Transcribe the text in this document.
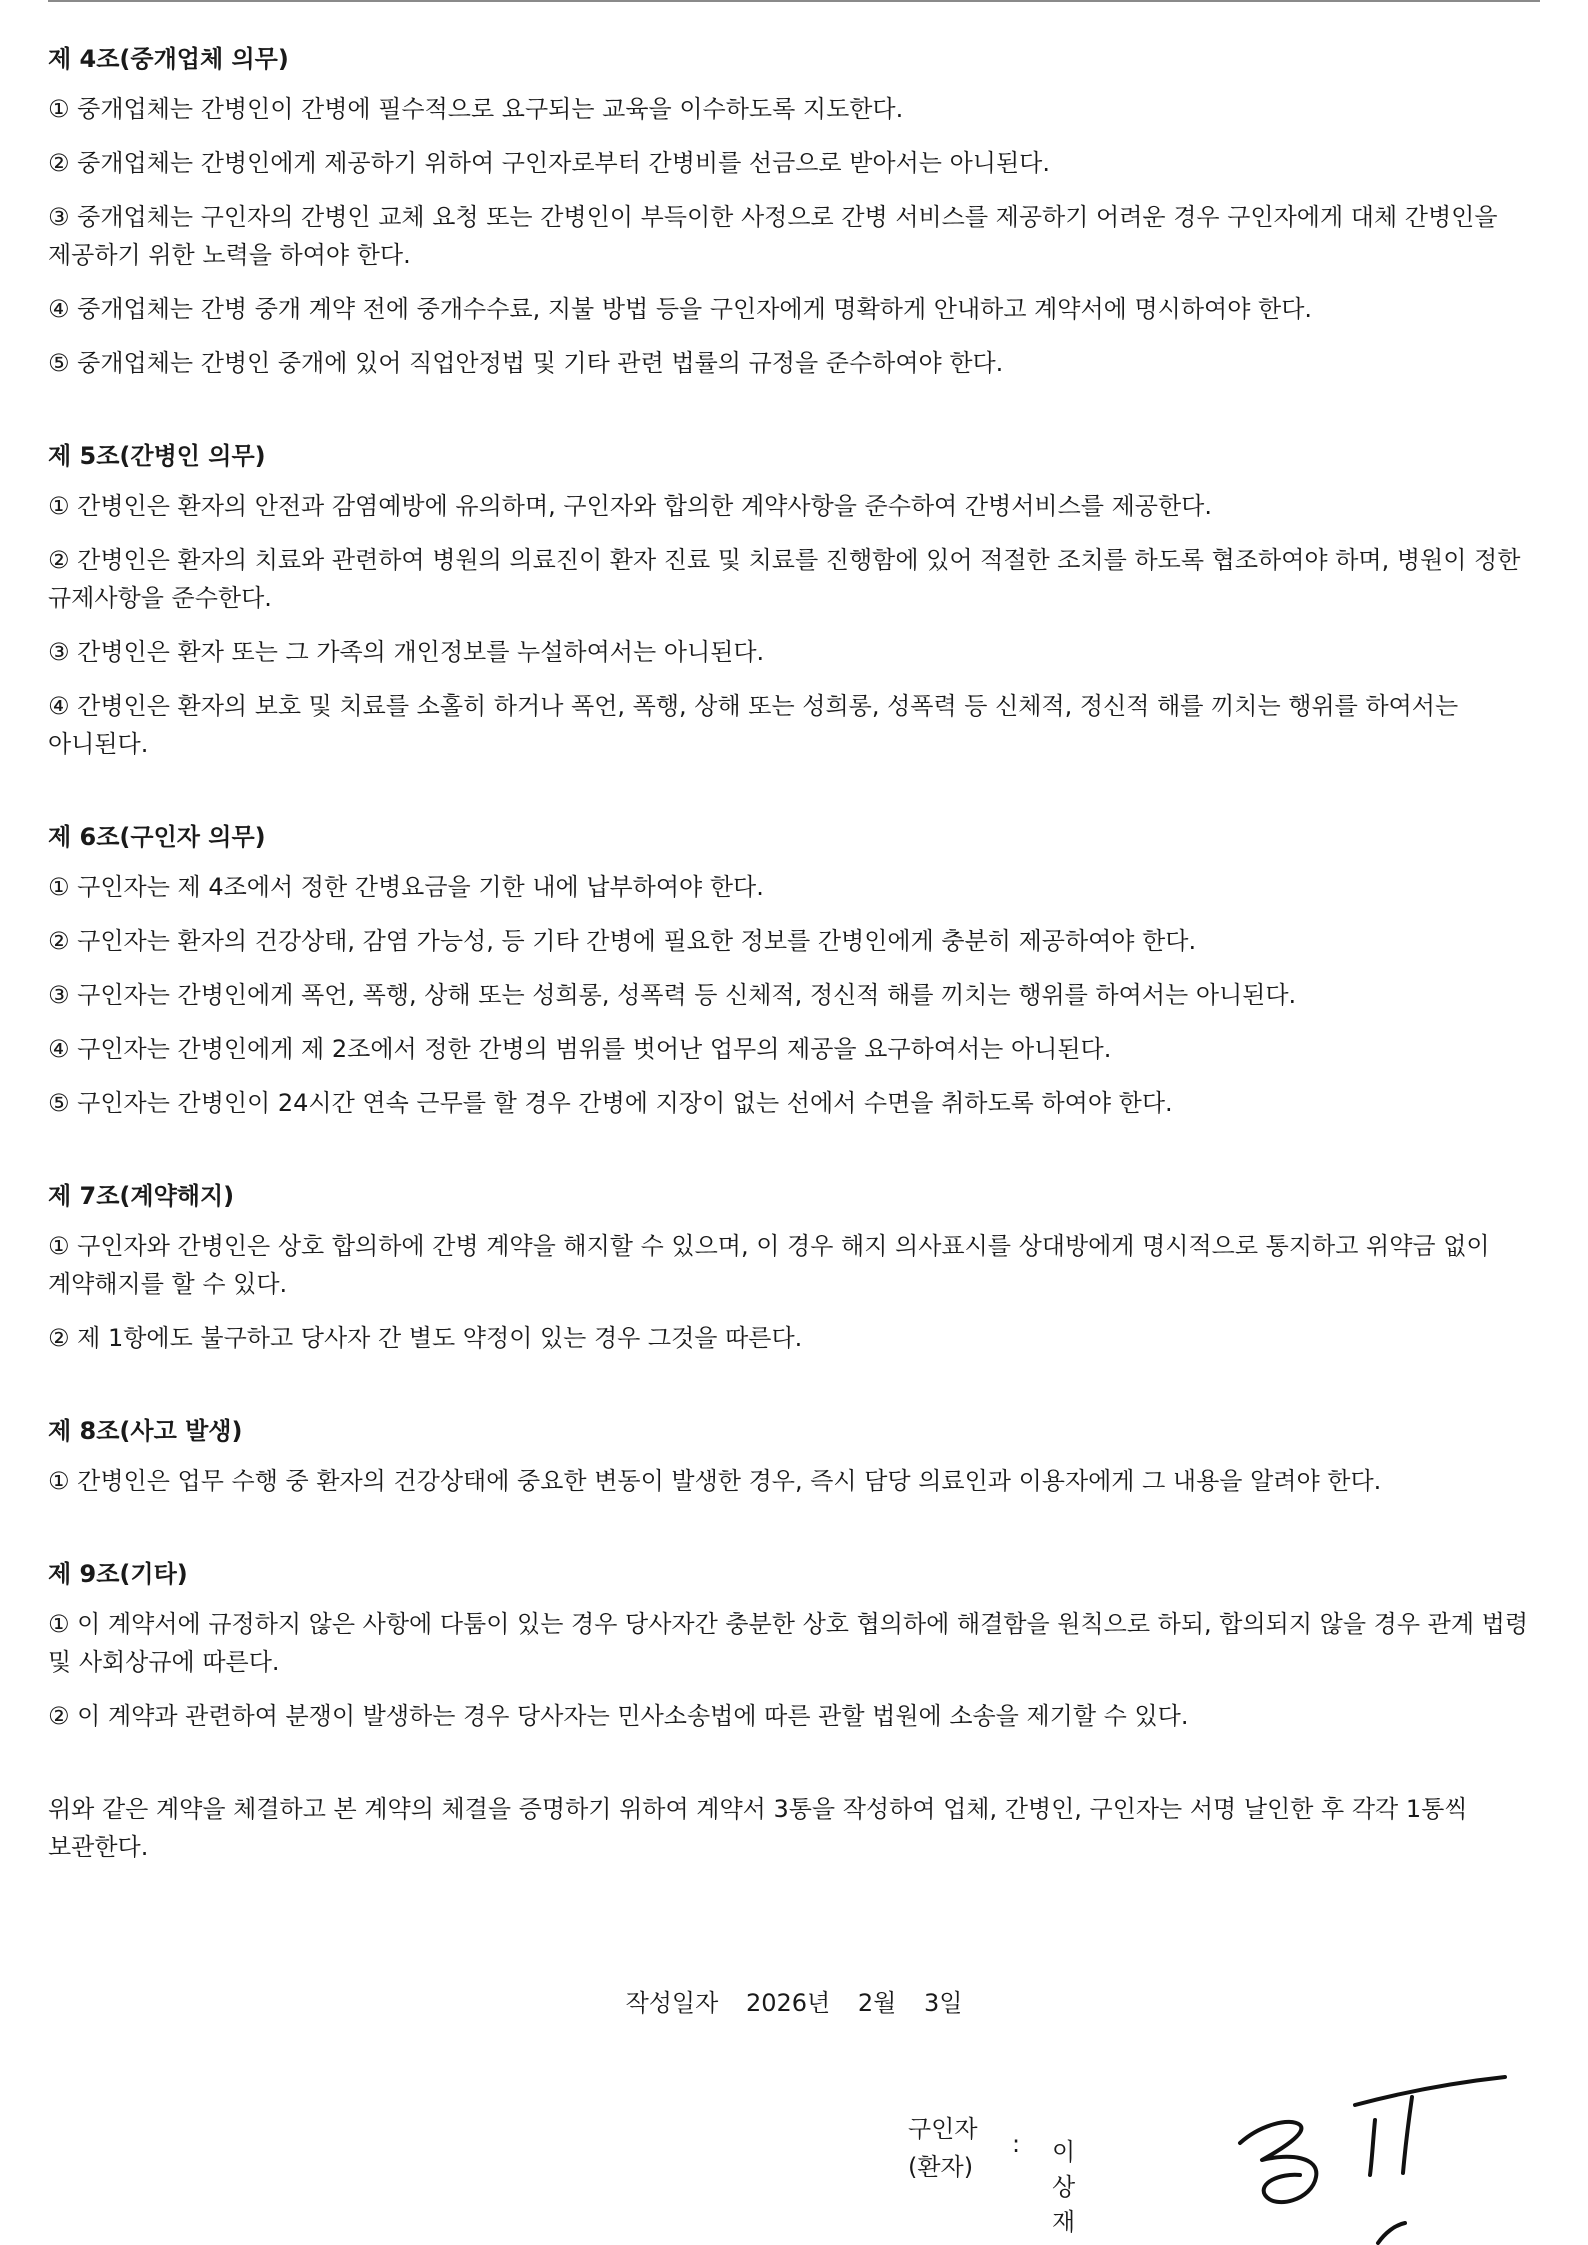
제 4조(중개업체 의무)

① 중개업체는 간병인이 간병에 필수적으로 요구되는 교육을 이수하도록 지도한다.

② 중개업체는 간병인에게 제공하기 위하여 구인자로부터 간병비를 선금으로 받아서는 아니된다.

③ 중개업체는 구인자의 간병인 교체 요청 또는 간병인이 부득이한 사정으로 간병 서비스를 제공하기 어려운 경우 구인자에게 대체 간병인을 제공하기 위한 노력을 하여야 한다.

④ 중개업체는 간병 중개 계약 전에 중개수수료, 지불 방법 등을 구인자에게 명확하게 안내하고 계약서에 명시하여야 한다.

⑤ 중개업체는 간병인 중개에 있어 직업안정법 및 기타 관련 법률의 규정을 준수하여야 한다.

제 5조(간병인 의무)

① 간병인은 환자의 안전과 감염예방에 유의하며, 구인자와 합의한 계약사항을 준수하여 간병서비스를 제공한다.

② 간병인은 환자의 치료와 관련하여 병원의 의료진이 환자 진료 및 치료를 진행함에 있어 적절한 조치를 하도록 협조하여야 하며, 병원이 정한 규제사항을 준수한다.

③ 간병인은 환자 또는 그 가족의 개인정보를 누설하여서는 아니된다.

④ 간병인은 환자의 보호 및 치료를 소홀히 하거나 폭언, 폭행, 상해 또는 성희롱, 성폭력 등 신체적, 정신적 해를 끼치는 행위를 하여서는 아니된다.

제 6조(구인자 의무)

① 구인자는 제 4조에서 정한 간병요금을 기한 내에 납부하여야 한다.

② 구인자는 환자의 건강상태, 감염 가능성, 등 기타 간병에 필요한 정보를 간병인에게 충분히 제공하여야 한다.

③ 구인자는 간병인에게 폭언, 폭행, 상해 또는 성희롱, 성폭력 등 신체적, 정신적 해를 끼치는 행위를 하여서는 아니된다.

④ 구인자는 간병인에게 제 2조에서 정한 간병의 범위를 벗어난 업무의 제공을 요구하여서는 아니된다.

⑤ 구인자는 간병인이 24시간 연속 근무를 할 경우 간병에 지장이 없는 선에서 수면을 취하도록 하여야 한다.

제 7조(계약해지)

① 구인자와 간병인은 상호 합의하에 간병 계약을 해지할 수 있으며, 이 경우 해지 의사표시를 상대방에게 명시적으로 통지하고 위약금 없이 계약해지를 할 수 있다.

② 제 1항에도 불구하고 당사자 간 별도 약정이 있는 경우 그것을 따른다.

제 8조(사고 발생)

① 간병인은 업무 수행 중 환자의 건강상태에 중요한 변동이 발생한 경우, 즉시 담당 의료인과 이용자에게 그 내용을 알려야 한다.

제 9조(기타)

① 이 계약서에 규정하지 않은 사항에 다툼이 있는 경우 당사자간 충분한 상호 협의하에 해결함을 원칙으로 하되, 합의되지 않을 경우 관계 법령 및 사회상규에 따른다.

② 이 계약과 관련하여 분쟁이 발생하는 경우 당사자는 민사소송법에 따른 관할 법원에 소송을 제기할 수 있다.

위와 같은 계약을 체결하고 본 계약의 체결을 증명하기 위하여 계약서 3통을 작성하여 업체, 간병인, 구인자는 서명 날인한 후 각각 1통씩 보관한다.

작성일자 2026년 2월 3일
구인자
(환자)
: 이상재
